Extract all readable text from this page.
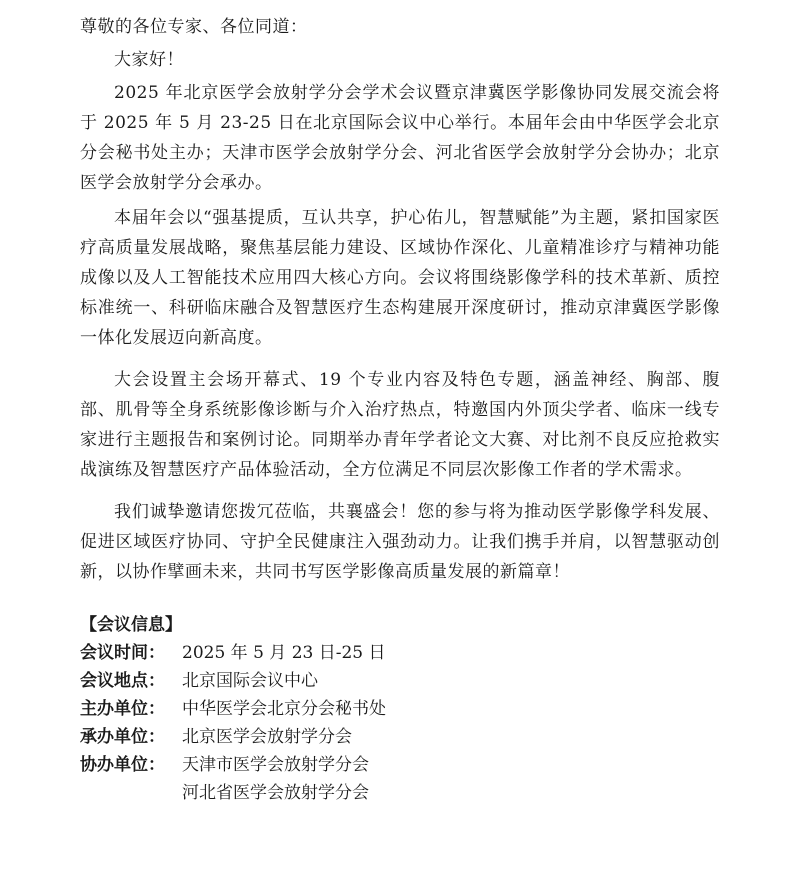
尊敬的各位专家、各位同道：

大家好！

2025 年北京医学会放射学分会学术会议暨京津冀医学影像协同发展交流会将于 2025 年 5 月 23-25 日在北京国际会议中心举行。本届年会由中华医学会北京分会秘书处主办；天津市医学会放射学分会、河北省医学会放射学分会协办；北京医学会放射学分会承办。

本届年会以“强基提质，互认共享，护心佑儿，智慧赋能”为主题，紧扣国家医疗高质量发展战略，聚焦基层能力建设、区域协作深化、儿童精准诊疗与精神功能成像以及人工智能技术应用四大核心方向。会议将围绕影像学科的技术革新、质控标准统一、科研临床融合及智慧医疗生态构建展开深度研讨，推动京津冀医学影像一体化发展迈向新高度。

大会设置主会场开幕式、19 个专业内容及特色专题，涵盖神经、胸部、腹部、肌骨等全身系统影像诊断与介入治疗热点，特邀国内外顶尖学者、临床一线专家进行主题报告和案例讨论。同期举办青年学者论文大赛、对比剂不良反应抢救实战演练及智慧医疗产品体验活动，全方位满足不同层次影像工作者的学术需求。

我们诚挚邀请您拨冗莅临，共襄盛会！您的参与将为推动医学影像学科发展、促进区域医疗协同、守护全民健康注入强劲动力。让我们携手并肩，以智慧驱动创新，以协作擘画未来，共同书写医学影像高质量发展的新篇章！

【会议信息】
会议时间：	2025 年 5 月 23 日-25 日
会议地点：	北京国际会议中心
主办单位：	中华医学会北京分会秘书处
承办单位：	北京医学会放射学分会
协办单位：	天津市医学会放射学分会
河北省医学会放射学分会
